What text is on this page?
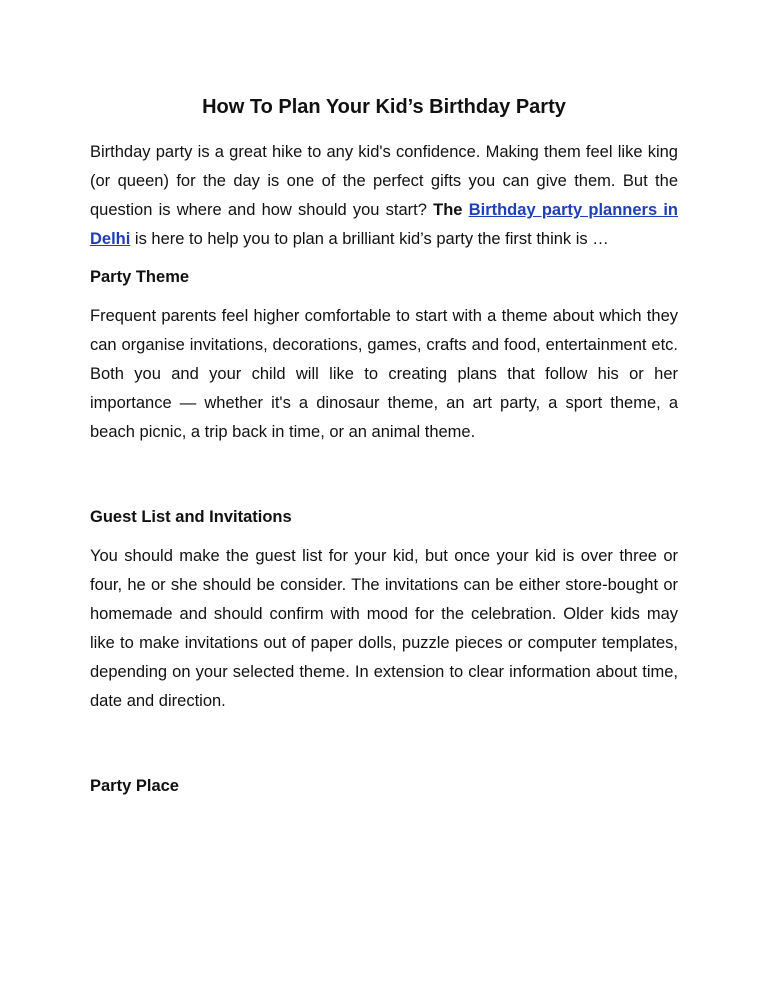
How To Plan Your Kid’s Birthday Party

Birthday party is a great hike to any kid's confidence. Making them feel like king (or queen) for the day is one of the perfect gifts you can give them. But the question is where and how should you start? The Birthday party planners in Delhi is here to help you to plan a brilliant kid’s party the first think is …

Party Theme

Frequent parents feel higher comfortable to start with a theme about which they can organise invitations, decorations, games, crafts and food, entertainment etc. Both you and your child will like to creating plans that follow his or her importance — whether it's a dinosaur theme, an art party, a sport theme, a beach picnic, a trip back in time, or an animal theme.

Guest List and Invitations

You should make the guest list for your kid, but once your kid is over three or four, he or she should be consider. The invitations can be either store-bought or homemade and should confirm with mood for the celebration. Older kids may like to make invitations out of paper dolls, puzzle pieces or computer templates, depending on your selected theme. In extension to clear information about time, date and direction.

Party Place
